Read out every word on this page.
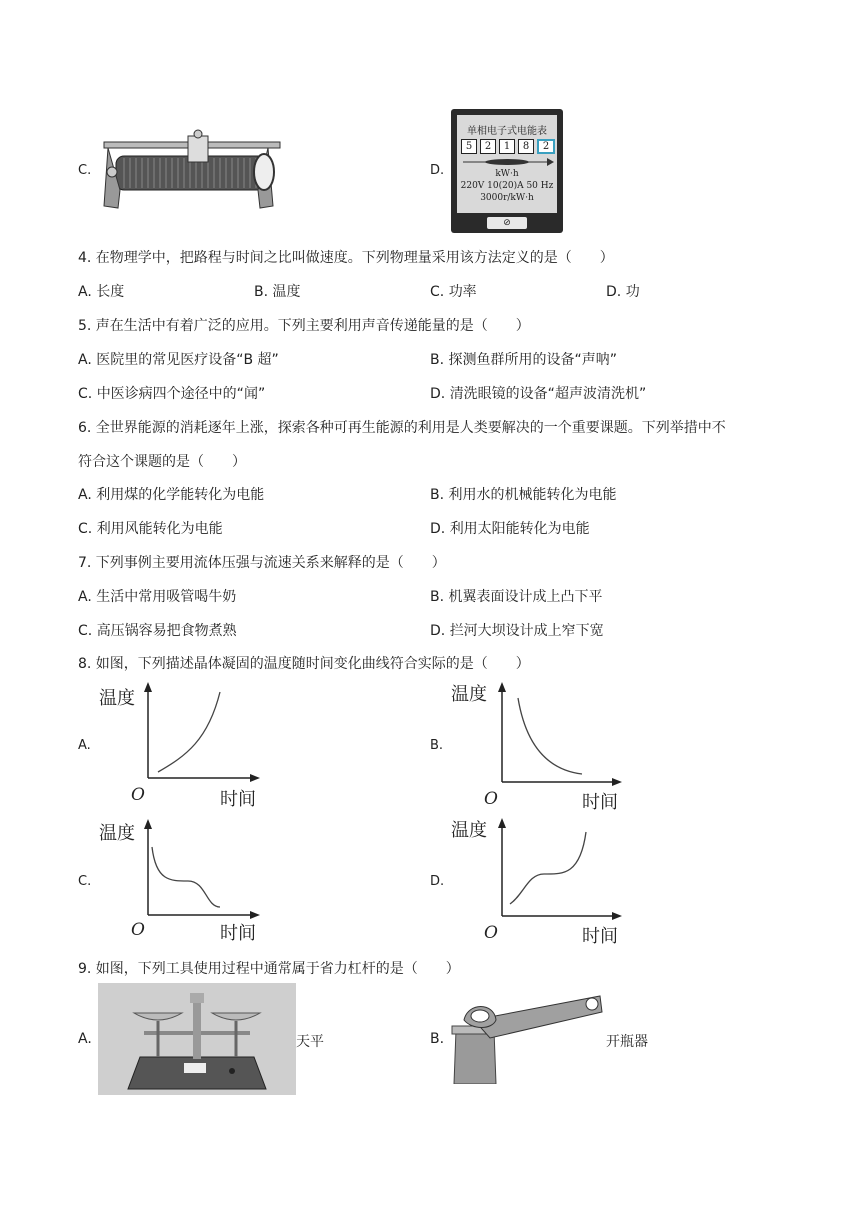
C.	D.
单相电子式电能表
5	2	1	8	2
kW·h
220V 10(20)A 50 Hz
3000r/kW·h
⊘
4. 在物理学中，把路程与时间之比叫做速度。下列物理量采用该方法定义的是（　　）
A. 长度	B. 温度	C. 功率	D. 功
5. 声在生活中有着广泛的应用。下列主要利用声音传递能量的是（　　）
A. 医院里的常见医疗设备“B 超”	B. 探测鱼群所用的设备“声呐”
C. 中医诊病四个途径中的“闻”	D. 清洗眼镜的设备“超声波清洗机”
6. 全世界能源的消耗逐年上涨，探索各种可再生能源的利用是人类要解决的一个重要课题。下列举措中不
符合这个课题的是（　　）
A. 利用煤的化学能转化为电能	B. 利用水的机械能转化为电能
C. 利用风能转化为电能	D. 利用太阳能转化为电能
7. 下列事例主要用流体压强与流速关系来解释的是（　　）
A. 生活中常用吸管喝牛奶	B. 机翼表面设计成上凸下平
C. 高压锅容易把食物煮熟	D. 拦河大坝设计成上窄下宽
8. 如图，下列描述晶体凝固的温度随时间变化曲线符合实际的是（　　）
A.
温度
O	时间
B.
温度
O	时间
C.
温度
O	时间
D.
温度
O	时间
9. 如图，下列工具使用过程中通常属于省力杠杆的是（　　）
A.	天平	B.	开瓶器
